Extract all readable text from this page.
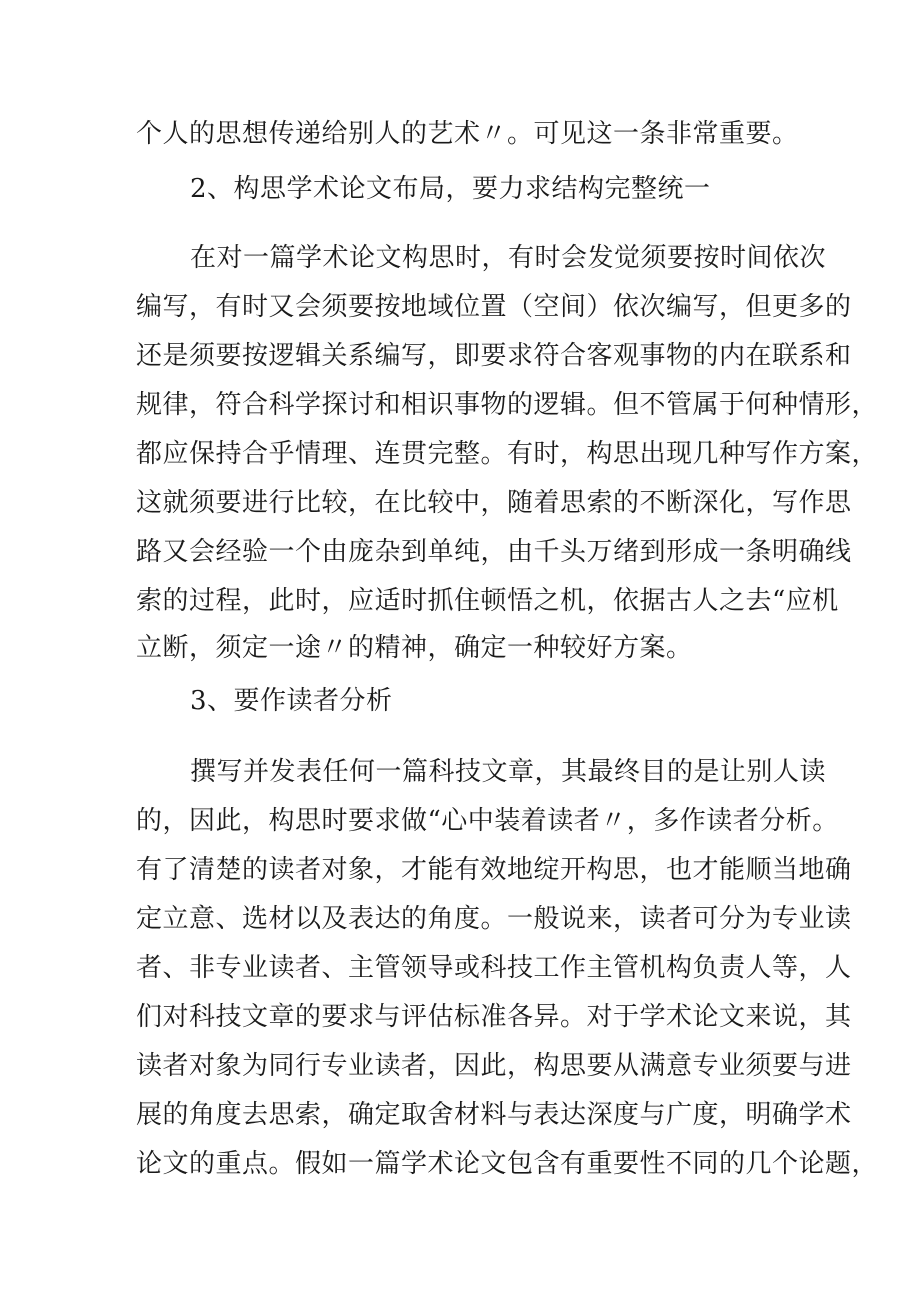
个人的思想传递给别人的艺术〃。可见这一条非常重要。
2、构思学术论文布局，要力求结构完整统一
在对一篇学术论文构思时，有时会发觉须要按时间依次
编写，有时又会须要按地域位置（空间）依次编写，但更多的
还是须要按逻辑关系编写，即要求符合客观事物的内在联系和
规律，符合科学探讨和相识事物的逻辑。但不管属于何种情形，
都应保持合乎情理、连贯完整。有时，构思出现几种写作方案，
这就须要进行比较，在比较中，随着思索的不断深化，写作思
路又会经验一个由庞杂到单纯，由千头万绪到形成一条明确线
索的过程，此时，应适时抓住顿悟之机，依据古人之去“应机
立断，须定一途〃的精神，确定一种较好方案。
3、要作读者分析
撰写并发表任何一篇科技文章，其最终目的是让别人读
的，因此，构思时要求做“心中装着读者〃，多作读者分析。
有了清楚的读者对象，才能有效地绽开构思，也才能顺当地确
定立意、选材以及表达的角度。一般说来，读者可分为专业读
者、非专业读者、主管领导或科技工作主管机构负责人等，人
们对科技文章的要求与评估标准各异。对于学术论文来说，其
读者对象为同行专业读者，因此，构思要从满意专业须要与进
展的角度去思索，确定取舍材料与表达深度与广度，明确学术
论文的重点。假如一篇学术论文包含有重要性不同的几个论题，
